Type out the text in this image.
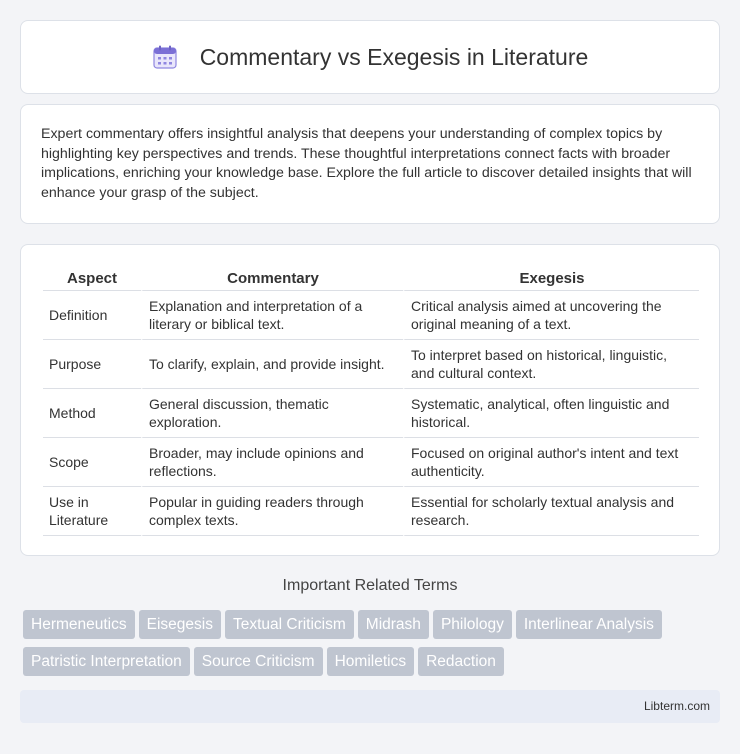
Commentary vs Exegesis in Literature

Expert commentary offers insightful analysis that deepens your understanding of complex topics by highlighting key perspectives and trends. These thoughtful interpretations connect facts with broader implications, enriching your knowledge base. Explore the full article to discover detailed insights that will enhance your grasp of the subject.

Aspect	Commentary	Exegesis
Definition	Explanation and interpretation of a literary or biblical text.	Critical analysis aimed at uncovering the original meaning of a text.
Purpose	To clarify, explain, and provide insight.	To interpret based on historical, linguistic, and cultural context.
Method	General discussion, thematic exploration.	Systematic, analytical, often linguistic and historical.
Scope	Broader, may include opinions and reflections.	Focused on original author's intent and text authenticity.
Use in Literature	Popular in guiding readers through complex texts.	Essential for scholarly textual analysis and research.
Important Related Terms
Hermeneutics Eisegesis Textual Criticism Midrash Philology Interlinear Analysis
Patristic Interpretation Source Criticism Homiletics Redaction
Libterm.com
